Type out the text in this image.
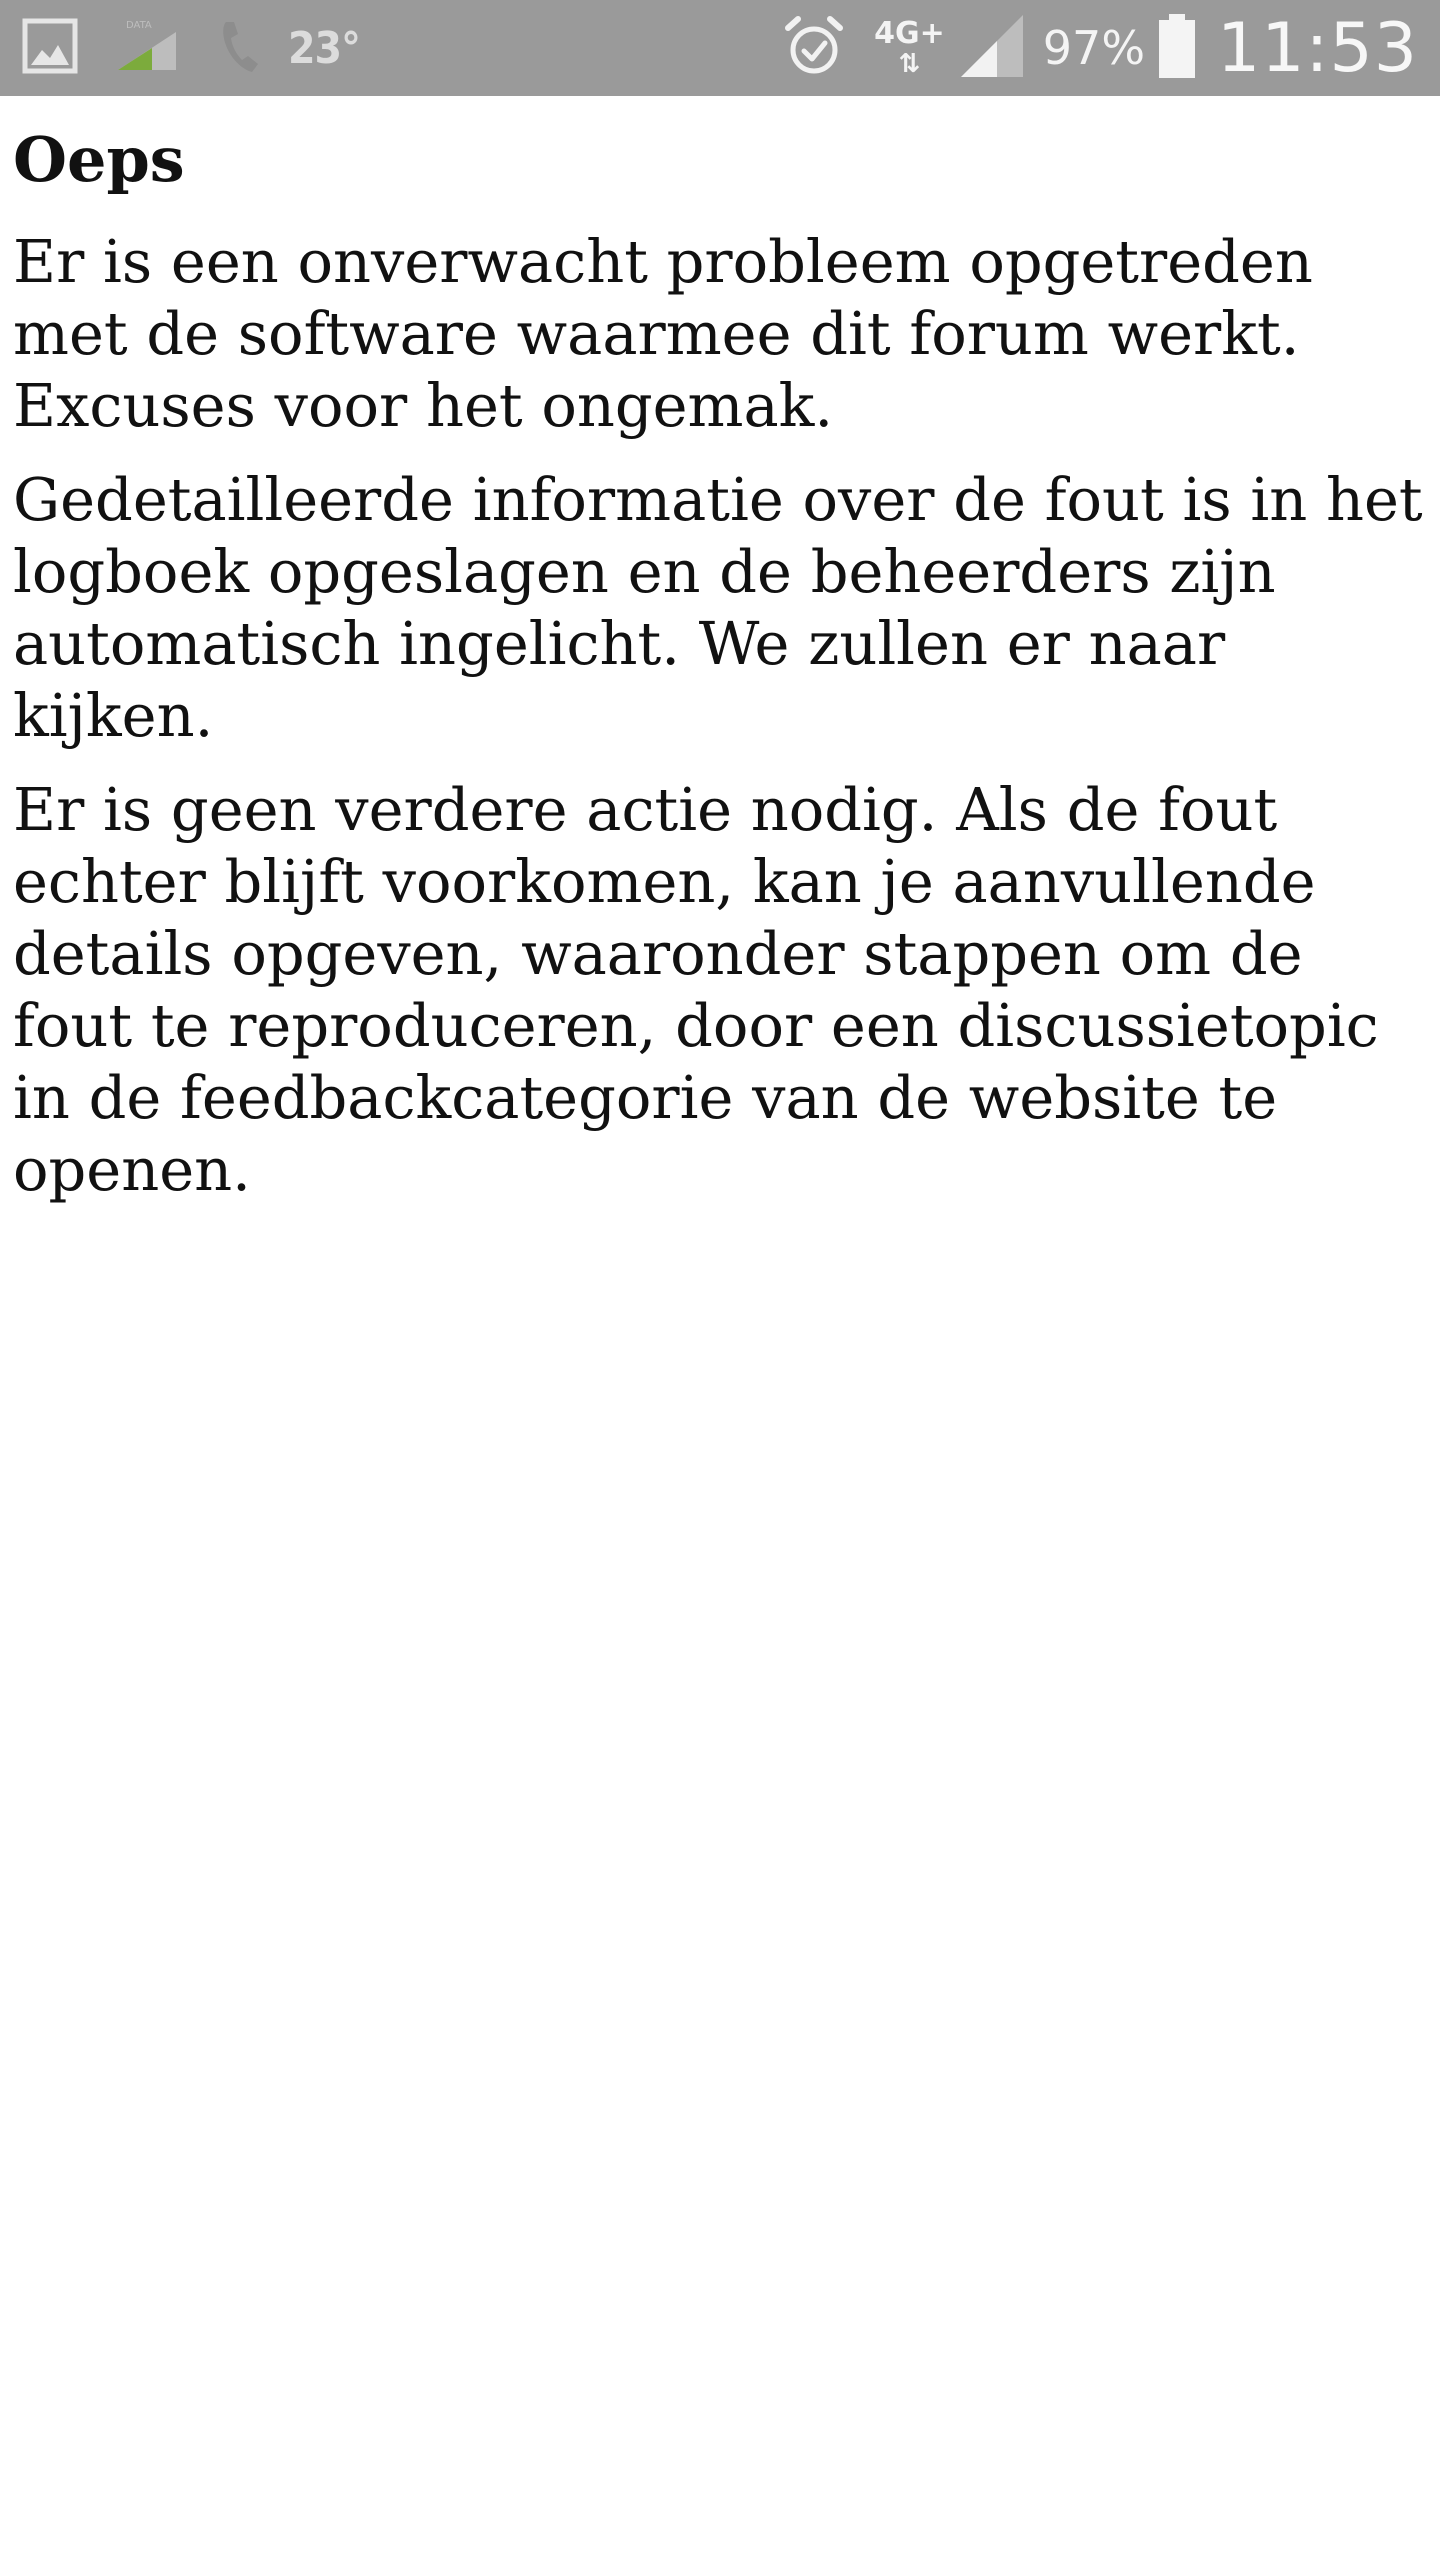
DATA	23°	4G+
⇅	97% 11:53
Oeps

Er is een onverwacht probleem opgetreden met de software waarmee dit forum werkt. Excuses voor het ongemak.

Gedetailleerde informatie over de fout is in het logboek opgeslagen en de beheerders zijn automatisch ingelicht. We zullen er naar kijken.

Er is geen verdere actie nodig. Als de fout echter blijft voorkomen, kan je aanvullende details opgeven, waaronder stappen om de fout te reproduceren, door een discussietopic in de feedbackcategorie van de website te openen.
